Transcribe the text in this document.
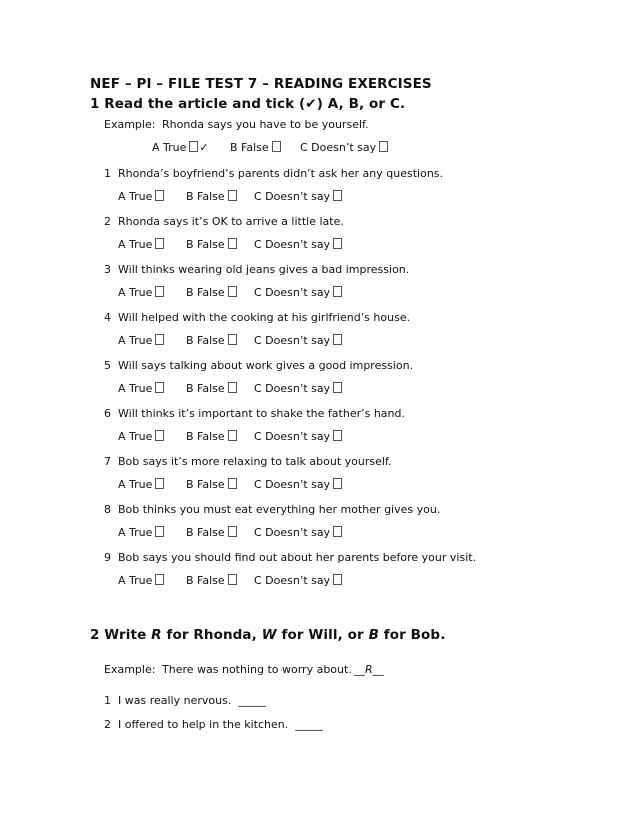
NEF – PI – FILE TEST 7 – READING EXERCISES
1 Read the article and tick (✔) A, B, or C.
Example: Rhonda says you have to be yourself.
A True ✓ B False	C Doesn’t say
1 Rhonda’s boyfriend’s parents didn’t ask her any questions.
A True	B False	C Doesn’t say
2 Rhonda says it’s OK to arrive a little late.
A True	B False	C Doesn’t say
3 Will thinks wearing old jeans gives a bad impression.
A True	B False	C Doesn’t say
4 Will helped with the cooking at his girlfriend’s house.
A True	B False	C Doesn’t say
5 Will says talking about work gives a good impression.
A True	B False	C Doesn’t say
6 Will thinks it’s important to shake the father’s hand.
A True	B False	C Doesn’t say
7 Bob says it’s more relaxing to talk about yourself.
A True	B False	C Doesn’t say
8 Bob thinks you must eat everything her mother gives you.
A True	B False	C Doesn’t say
9 Bob says you should find out about her parents before your visit.
A True	B False	C Doesn’t say
2 Write R for Rhonda, W for Will, or B for Bob.
Example: There was nothing to worry about. __R__
1 I was really nervous. _____
2 I offered to help in the kitchen. _____
